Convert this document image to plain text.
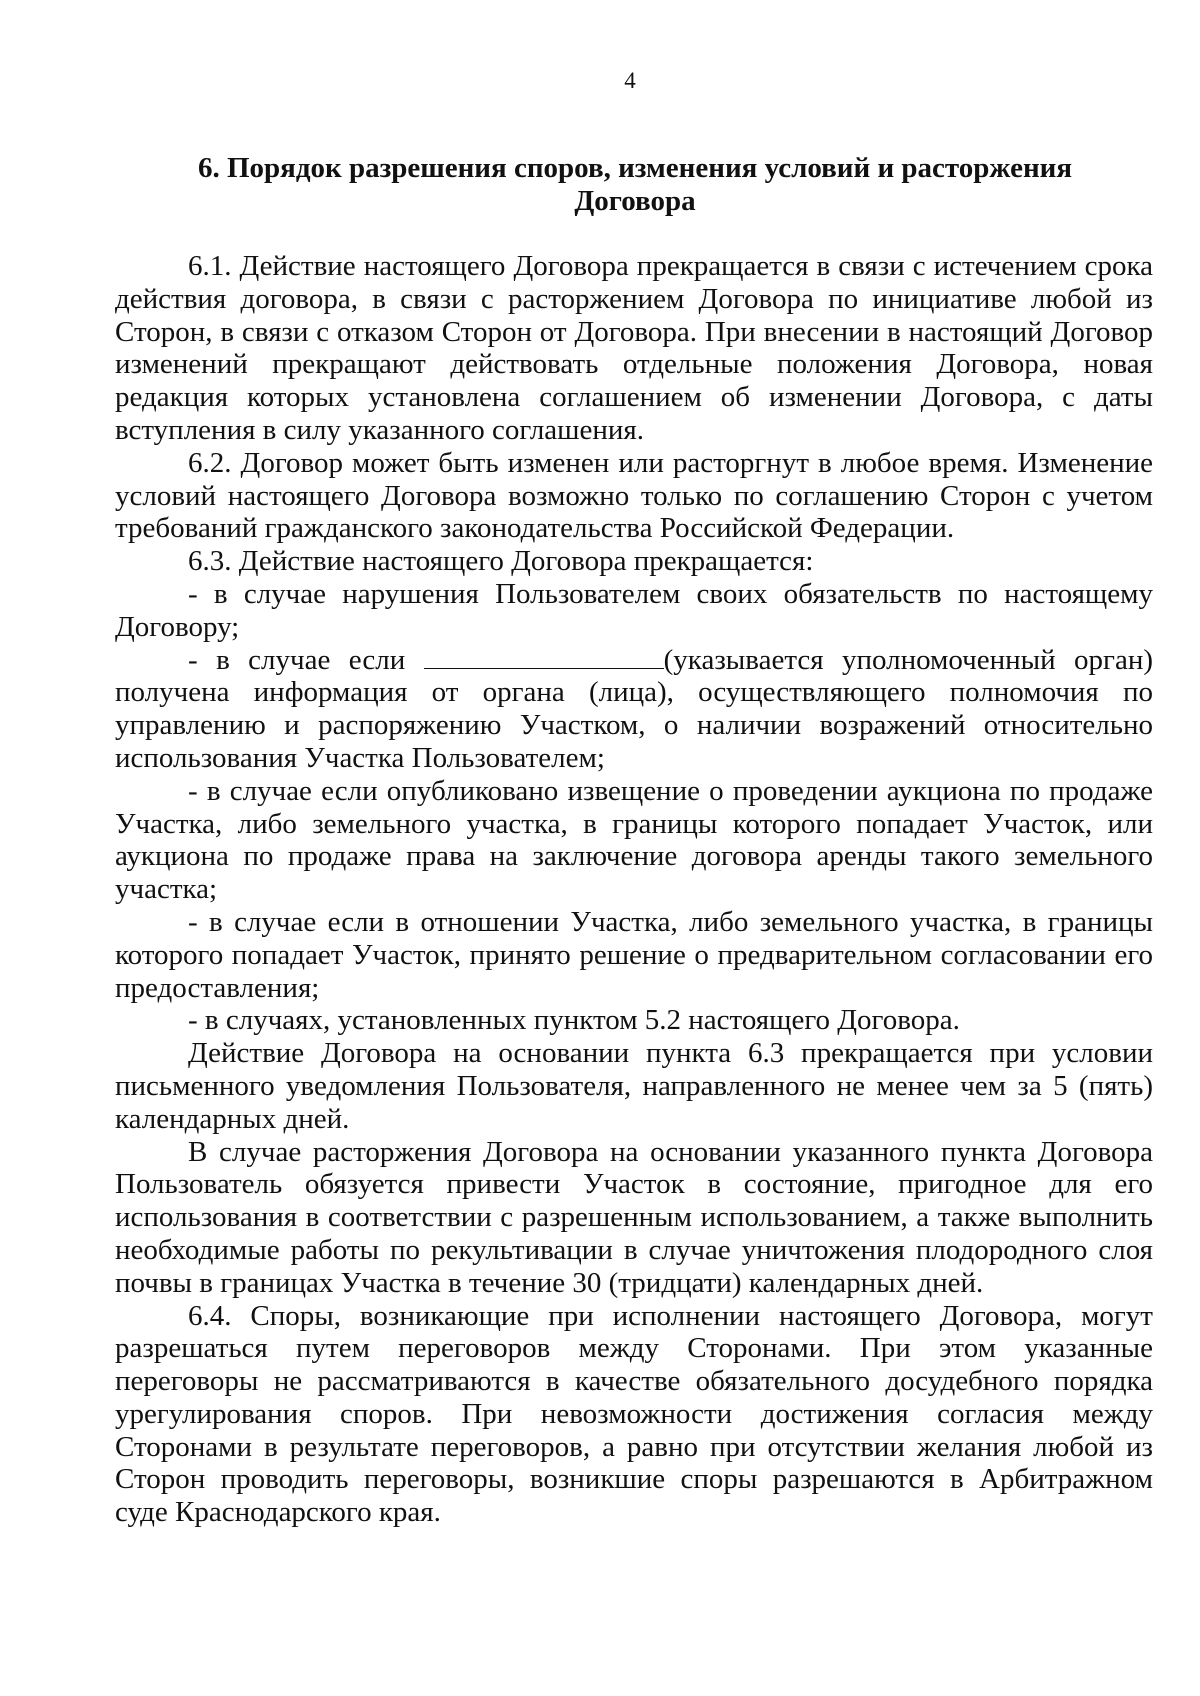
4
6. Порядок разрешения споров, изменения условий и расторжения
Договора

6.1. Действие настоящего Договора прекращается в связи с истечением срока действия договора, в связи с расторжением Договора по инициативе любой из Сторон, в связи с отказом Сторон от Договора. При внесении в настоящий Договор изменений прекращают действовать отдельные положения Договора, новая редакция которых установлена соглашением об изменении Договора, с даты вступления в силу указанного соглашения.

6.2. Договор может быть изменен или расторгнут в любое время. Изменение условий настоящего Договора возможно только по соглашению Сторон с учетом требований гражданского законодательства Российской Федерации.

6.3. Действие настоящего Договора прекращается:

- в случае нарушения Пользователем своих обязательств по настоящему Договору;

- в случае если	(указывается уполномоченный орган) получена информация от органа (лица), осуществляющего полномочия по управлению и распоряжению Участком, о наличии возражений относительно использования Участка Пользователем;

- в случае если опубликовано извещение о проведении аукциона по продаже Участка, либо земельного участка, в границы которого попадает Участок, или аукциона по продаже права на заключение договора аренды такого земельного участка;

- в случае если в отношении Участка, либо земельного участка, в границы которого попадает Участок, принято решение о предварительном согласовании его предоставления;

- в случаях, установленных пунктом 5.2 настоящего Договора.

Действие Договора на основании пункта 6.3 прекращается при условии письменного уведомления Пользователя, направленного не менее чем за 5 (пять) календарных дней.

В случае расторжения Договора на основании указанного пункта Договора Пользователь обязуется привести Участок в состояние, пригодное для его использования в соответствии с разрешенным использованием, а также выполнить необходимые работы по рекультивации в случае уничтожения плодородного слоя почвы в границах Участка в течение 30 (тридцати) календарных дней.

6.4. Споры, возникающие при исполнении настоящего Договора, могут разрешаться путем переговоров между Сторонами. При этом указанные переговоры не рассматриваются в качестве обязательного досудебного порядка урегулирования споров. При невозможности достижения согласия между Сторонами в результате переговоров, а равно при отсутствии желания любой из Сторон проводить переговоры, возникшие споры разрешаются в Арбитражном суде Краснодарского края.
